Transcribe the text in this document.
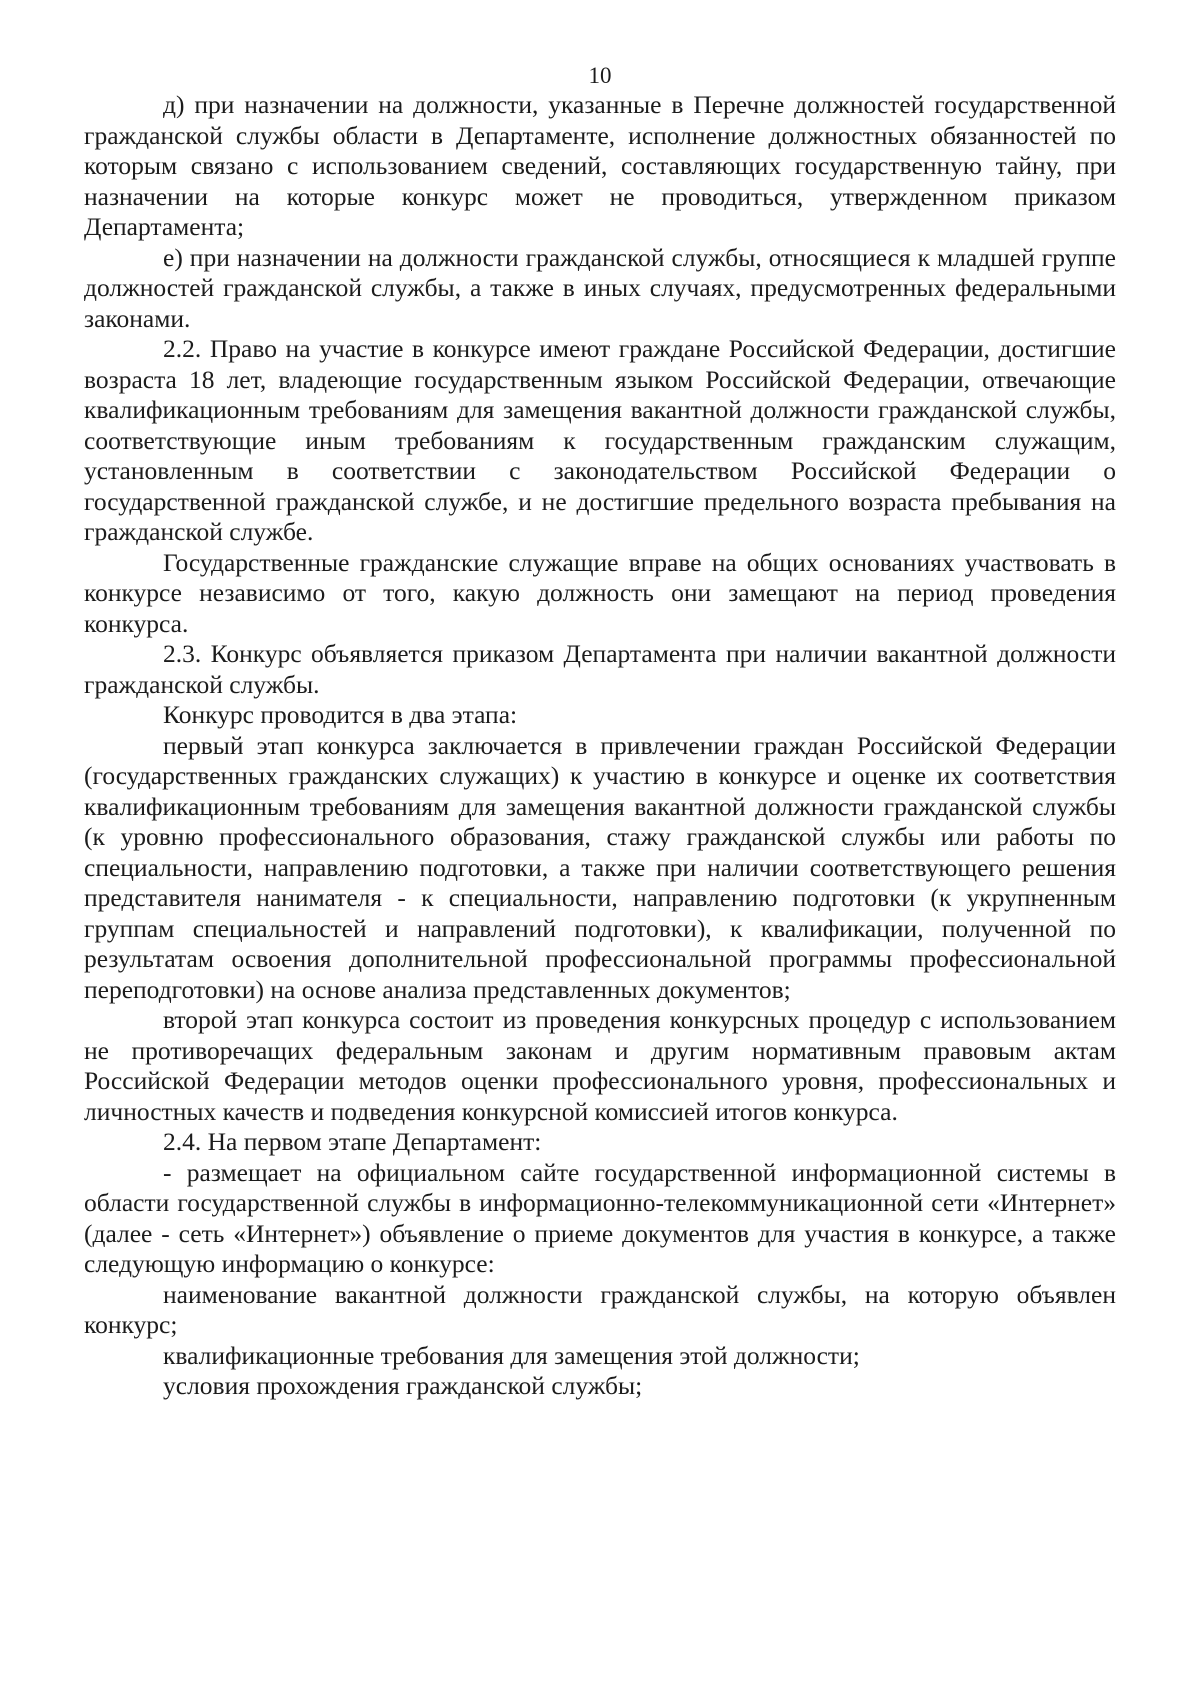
10

д) при назначении на должности, указанные в Перечне должностей государственной гражданской службы области в Департаменте, исполнение должностных обязанностей по которым связано с использованием сведений, составляющих государственную тайну, при назначении на которые конкурс может не проводиться, утвержденном приказом Департамента;

е) при назначении на должности гражданской службы, относящиеся к младшей группе должностей гражданской службы, а также в иных случаях, предусмотренных федеральными законами.

2.2. Право на участие в конкурсе имеют граждане Российской Федерации, достигшие возраста 18 лет, владеющие государственным языком Российской Федерации, отвечающие квалификационным требованиям для замещения вакантной должности гражданской службы, соответствующие иным требованиям к государственным гражданским служащим, установленным в соответствии с законодательством Российской Федерации о государственной гражданской службе, и не достигшие предельного возраста пребывания на гражданской службе.

Государственные гражданские служащие вправе на общих основаниях участвовать в конкурсе независимо от того, какую должность они замещают на период проведения конкурса.

2.3. Конкурс объявляется приказом Департамента при наличии вакантной должности гражданской службы.

Конкурс проводится в два этапа:

первый этап конкурса заключается в привлечении граждан Российской Федерации (государственных гражданских служащих) к участию в конкурсе и оценке их соответствия квалификационным требованиям для замещения вакантной должности гражданской службы (к уровню профессионального образования, стажу гражданской службы или работы по специальности, направлению подготовки, а также при наличии соответствующего решения представителя нанимателя - к специальности, направлению подготовки (к укрупненным группам специальностей и направлений подготовки), к квалификации, полученной по результатам освоения дополнительной профессиональной программы профессиональной переподготовки) на основе анализа представленных документов;

второй этап конкурса состоит из проведения конкурсных процедур с использованием не противоречащих федеральным законам и другим нормативным правовым актам Российской Федерации методов оценки профессионального уровня, профессиональных и личностных качеств и подведения конкурсной комиссией итогов конкурса.

2.4. На первом этапе Департамент:

- размещает на официальном сайте государственной информационной системы в области государственной службы в информационно-телекоммуникационной сети «Интернет» (далее - сеть «Интернет») объявление о приеме документов для участия в конкурсе, а также следующую информацию о конкурсе:

наименование вакантной должности гражданской службы, на которую объявлен конкурс;

квалификационные требования для замещения этой должности;

условия прохождения гражданской службы;
